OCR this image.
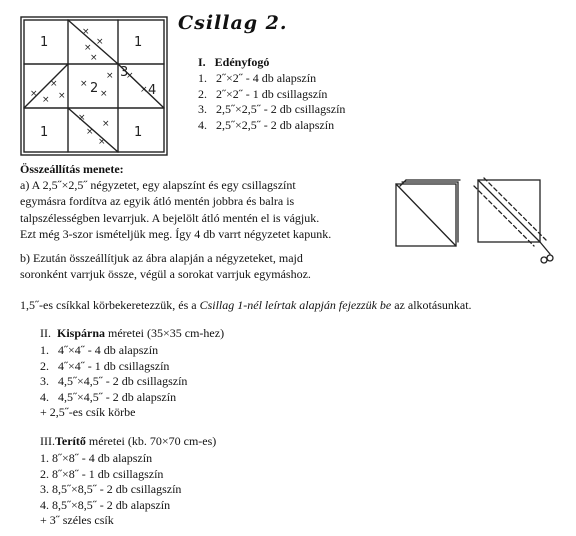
Csillag 2.
×
×
×
×
×
×
×
×
×
×
× ×
×
×
×
×
×
1	1
2
3
4
1	1
I. Edényfogó
1. 2˝×2˝ - 4 db alapszín
2. 2˝×2˝ - 1 db csillagszín
3. 2,5˝×2,5˝ - 2 db csillagszín
4. 2,5˝×2,5˝ - 2 db alapszín
Összeállítás menete:
a) A 2,5˝×2,5˝ négyzetet, egy alapszínt és egy csillagszínt
egymásra fordítva az egyik átló mentén jobbra és balra is
talpszélességben levarrjuk. A bejelölt átló mentén el is vágjuk.
Ezt még 3-szor ismételjük meg. Így 4 db varrt négyzetet kapunk.
b) Ezután összeállítjuk az ábra alapján a négyzeteket, majd
soronként varrjuk össze, végül a sorokat varrjuk egymáshoz.
1,5˝-es csíkkal körbekeretezzük, és a Csillag 1-nél leírtak alapján fejezzük be az alkotásunkat.
II. Kispárna méretei (35×35 cm-hez)
1. 4˝×4˝ - 4 db alapszín
2. 4˝×4˝ - 1 db csillagszín
3. 4,5˝×4,5˝ - 2 db csillagszín
4. 4,5˝×4,5˝ - 2 db alapszín
+ 2,5˝-es csík körbe
III.Terítő méretei (kb. 70×70 cm-es)
1. 8˝×8˝ - 4 db alapszín
2. 8˝×8˝ - 1 db csillagszín
3. 8,5˝×8,5˝ - 2 db csillagszín
4. 8,5˝×8,5˝ - 2 db alapszín
+ 3˝ széles csík
